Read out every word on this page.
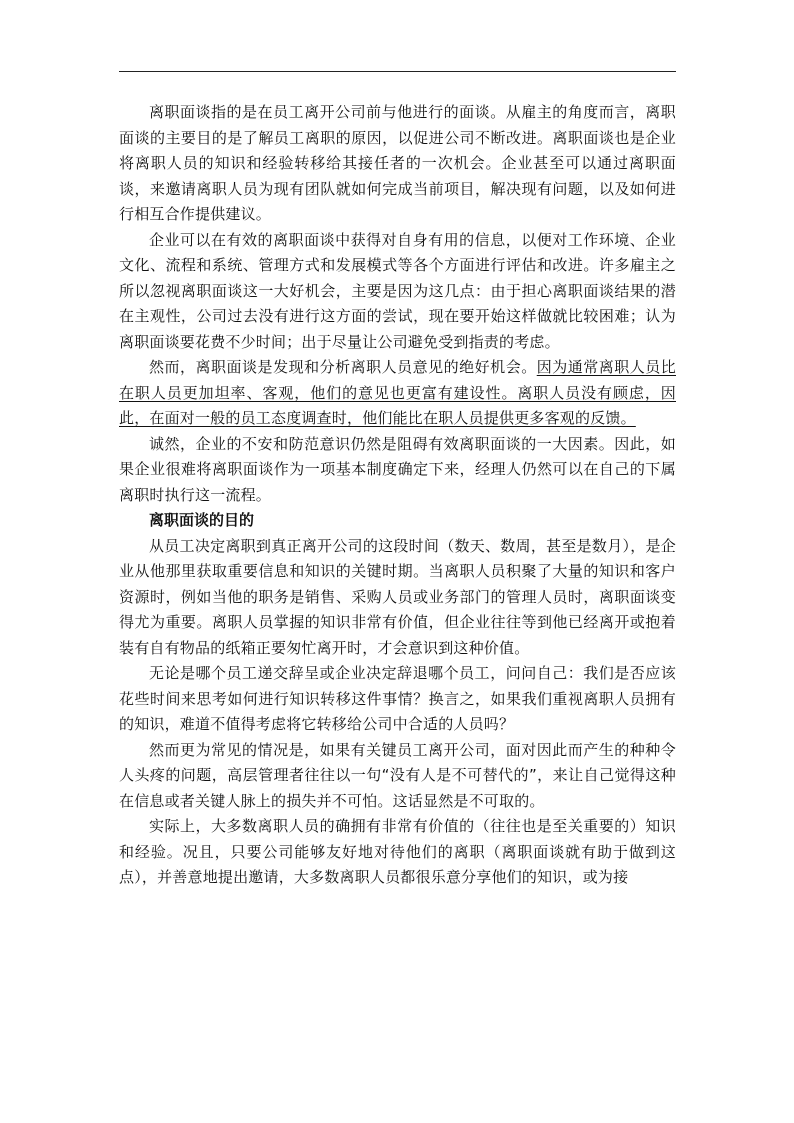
离职面谈指的是在员工离开公司前与他进行的面谈。从雇主的角度而言，离职面谈的主要目的是了解员工离职的原因，以促进公司不断改进。离职面谈也是企业将离职人员的知识和经验转移给其接任者的一次机会。企业甚至可以通过离职面谈，来邀请离职人员为现有团队就如何完成当前项目，解决现有问题，以及如何进行相互合作提供建议。

企业可以在有效的离职面谈中获得对自身有用的信息，以便对工作环境、企业文化、流程和系统、管理方式和发展模式等各个方面进行评估和改进。许多雇主之所以忽视离职面谈这一大好机会，主要是因为这几点：由于担心离职面谈结果的潜在主观性，公司过去没有进行这方面的尝试，现在要开始这样做就比较困难；认为离职面谈要花费不少时间；出于尽量让公司避免受到指责的考虑。

然而，离职面谈是发现和分析离职人员意见的绝好机会。因为通常离职人员比在职人员更加坦率、客观，他们的意见也更富有建设性。离职人员没有顾虑，因此，在面对一般的员工态度调查时，他们能比在职人员提供更多客观的反馈。

诚然，企业的不安和防范意识仍然是阻碍有效离职面谈的一大因素。因此，如果企业很难将离职面谈作为一项基本制度确定下来，经理人仍然可以在自己的下属离职时执行这一流程。

离职面谈的目的

从员工决定离职到真正离开公司的这段时间（数天、数周，甚至是数月），是企业从他那里获取重要信息和知识的关键时期。当离职人员积聚了大量的知识和客户资源时，例如当他的职务是销售、采购人员或业务部门的管理人员时，离职面谈变得尤为重要。离职人员掌握的知识非常有价值，但企业往往等到他已经离开或抱着装有自有物品的纸箱正要匆忙离开时，才会意识到这种价值。

无论是哪个员工递交辞呈或企业决定辞退哪个员工，问问自己：我们是否应该花些时间来思考如何进行知识转移这件事情？换言之，如果我们重视离职人员拥有的知识，难道不值得考虑将它转移给公司中合适的人员吗？

然而更为常见的情况是，如果有关键员工离开公司，面对因此而产生的种种令人头疼的问题，高层管理者往往以一句“没有人是不可替代的”，来让自己觉得这种在信息或者关键人脉上的损失并不可怕。这话显然是不可取的。

实际上，大多数离职人员的确拥有非常有价值的（往往也是至关重要的）知识和经验。况且，只要公司能够友好地对待他们的离职（离职面谈就有助于做到这点），并善意地提出邀请，大多数离职人员都很乐意分享他们的知识，或为接
